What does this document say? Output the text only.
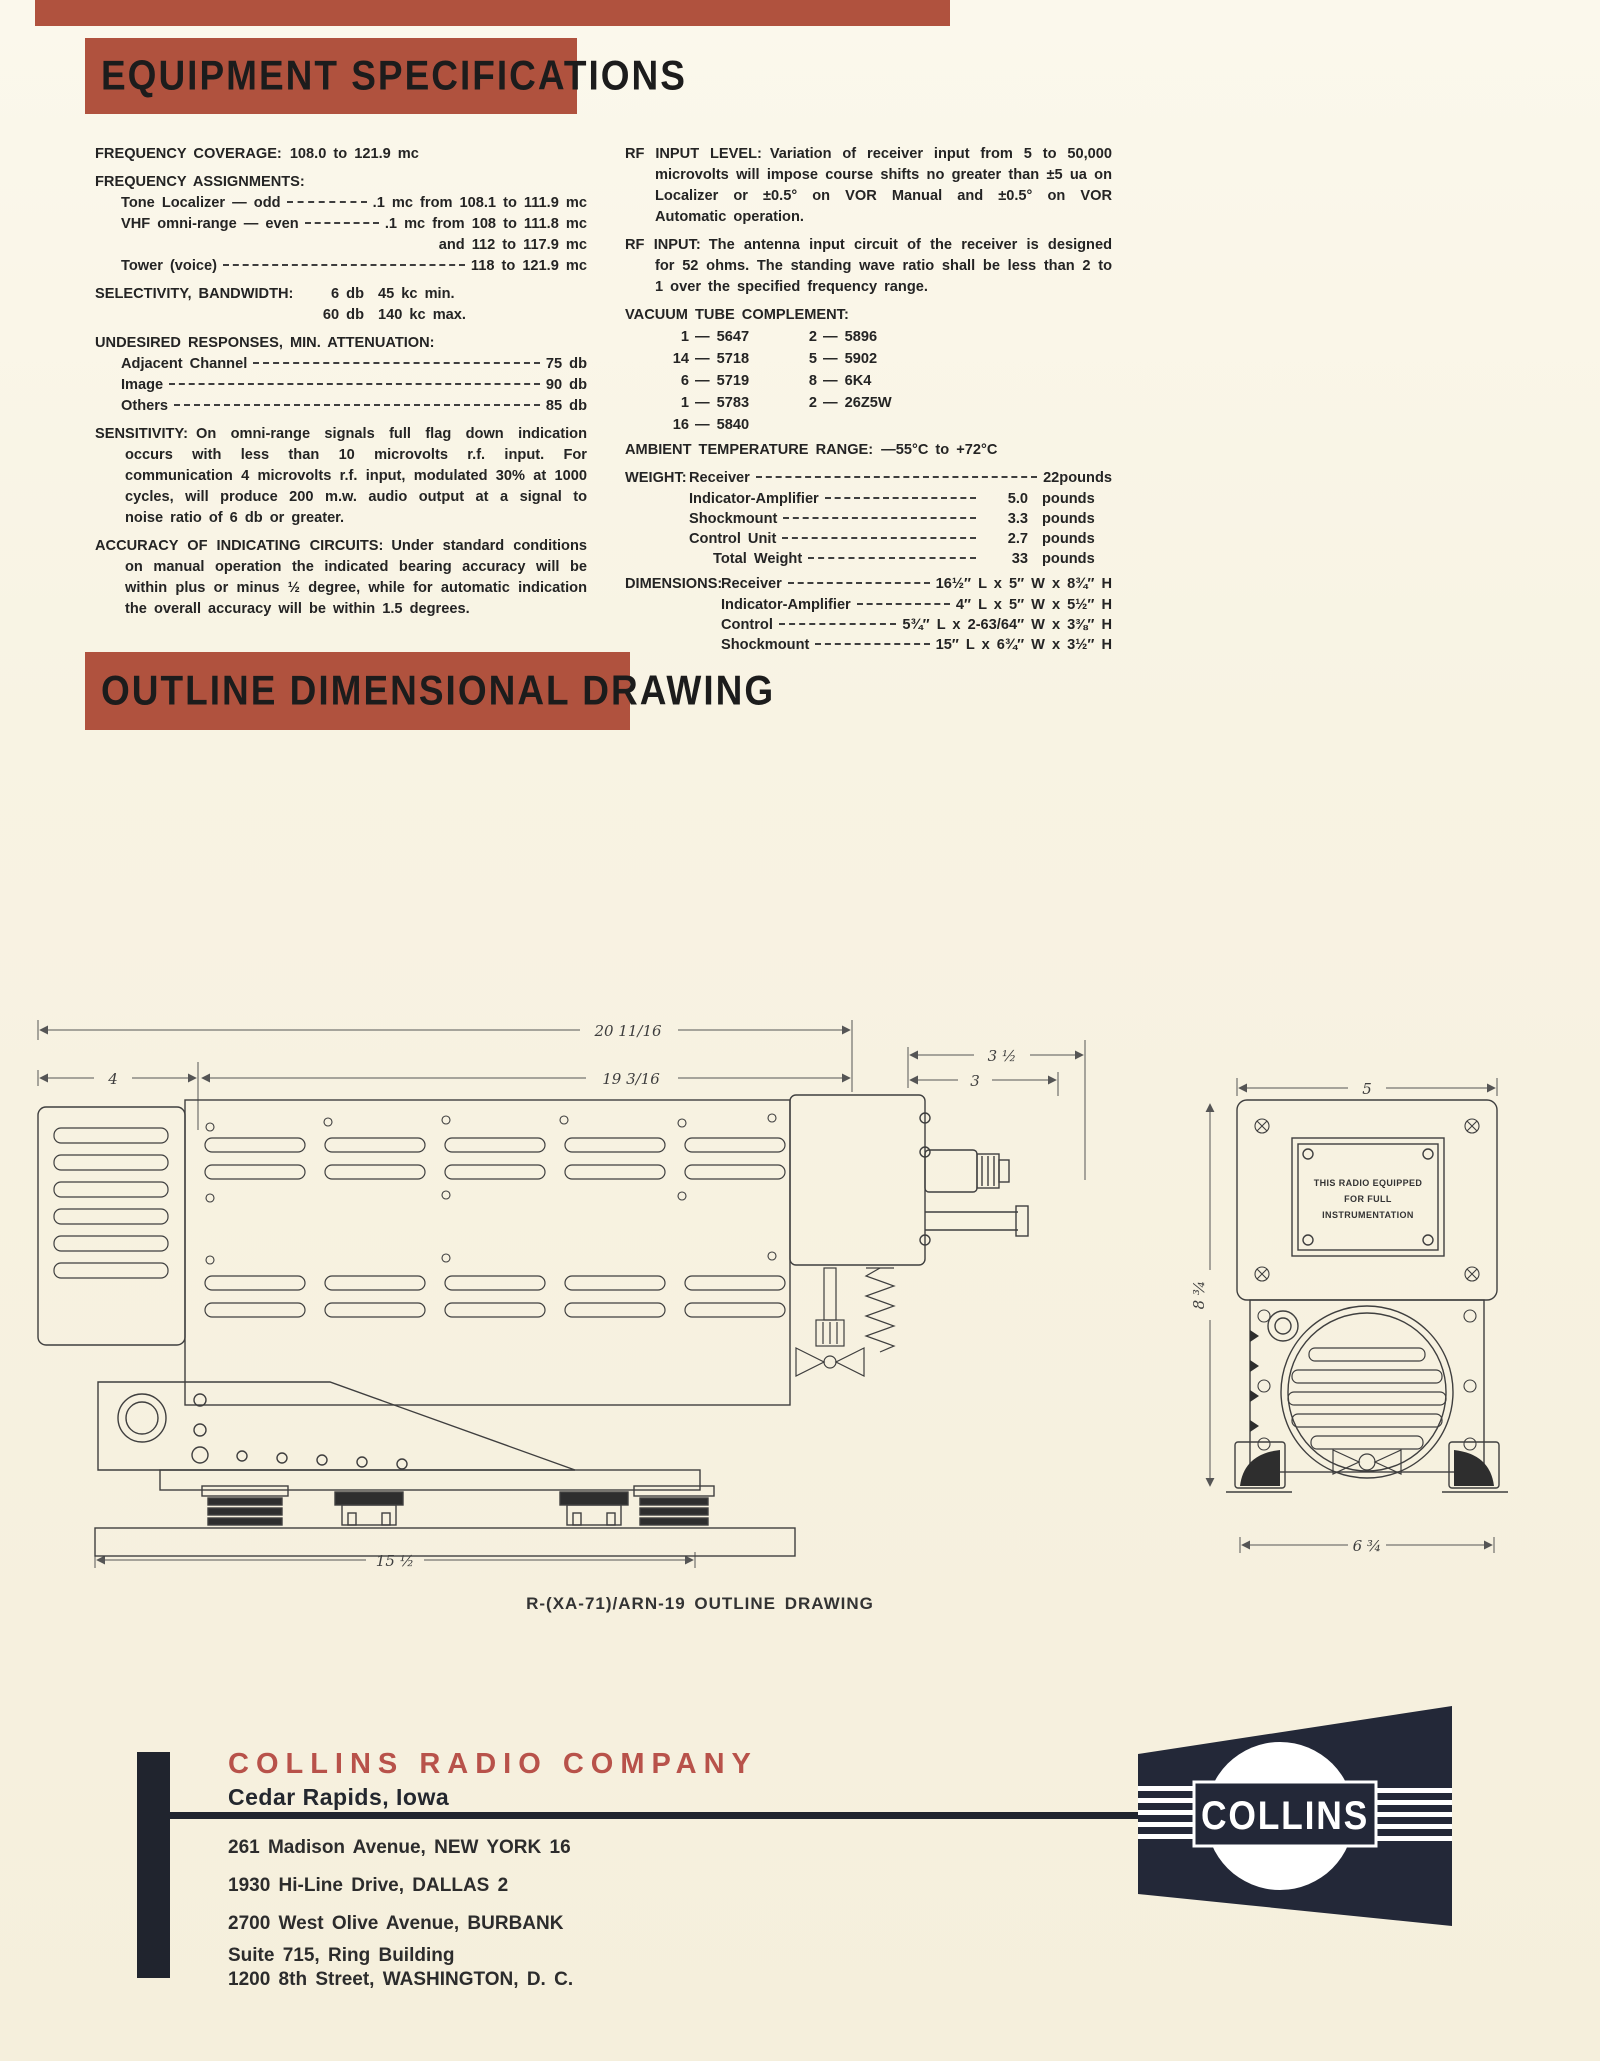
EQUIPMENT SPECIFICATIONS
FREQUENCY COVERAGE: 108.0 to 121.9 mc
FREQUENCY ASSIGNMENTS:
Tone Localizer — odd	.1 mc from 108.1 to 111.9 mc
VHF omni-range — even	.1 mc from 108 to 111.8 mc
and 112 to 117.9 mc
Tower (voice)	118 to 121.9 mc
SELECTIVITY, BANDWIDTH:	6 db 45 kc min.
60 db 140 kc max.
UNDESIRED RESPONSES, MIN. ATTENUATION:
Adjacent Channel	75 db
Image	90 db
Others	85 db
SENSITIVITY: On omni-range signals full flag down indication occurs with less than 10 microvolts r.f. input. For communication 4 microvolts r.f. input, modulated 30% at 1000 cycles, will produce 200 m.w. audio output at a signal to noise ratio of 6 db or greater.
ACCURACY OF INDICATING CIRCUITS: Under standard conditions on manual operation the indicated bearing accuracy will be within plus or minus ½ degree, while for automatic indication the overall accuracy will be within 1.5 degrees.
RF INPUT LEVEL: Variation of receiver input from 5 to 50,000 microvolts will impose course shifts no greater than ±5 ua on Localizer or ±0.5° on VOR Manual and ±0.5° on VOR Automatic operation.
RF INPUT: The antenna input circuit of the receiver is designed for 52 ohms. The standing wave ratio shall be less than 2 to 1 over the specified frequency range.
VACUUM TUBE COMPLEMENT:
1 — 5647	2 — 5896
14 — 5718	5 — 5902
6 — 5719	8 — 6K4
1 — 5783	2 — 26Z5W
16 — 5840
AMBIENT TEMPERATURE RANGE: —55°C to +72°C
WEIGHT: Receiver	22 pounds
Indicator-Amplifier	5.0 pounds
Shockmount	3.3 pounds
Control Unit	2.7 pounds
Total Weight	33 pounds
DIMENSIONS:
Receiver	16½″ L x 5″ W x 8¾″ H
Indicator-Amplifier	4″ L x 5″ W x 5½″ H
Control	5¾″ L x 2-63/64″ W x 3⅜″ H
Shockmount	15″ L x 6¾″ W x 3½″ H
OUTLINE DIMENSIONAL DRAWING
20 11/16
4	19 3/16
3 ½
3	5
8 ¾
6 ¾
15 ½
THIS RADIO EQUIPPED
FOR FULL
INSTRUMENTATION
R-(XA-71)/ARN-19 OUTLINE DRAWING
COLLINS RADIO COMPANY
Cedar Rapids, Iowa
261 Madison Avenue, NEW YORK 16
1930 Hi-Line Drive, DALLAS 2
2700 West Olive Avenue, BURBANK
Suite 715, Ring Building
1200 8th Street, WASHINGTON, D. C.
COLLINS
